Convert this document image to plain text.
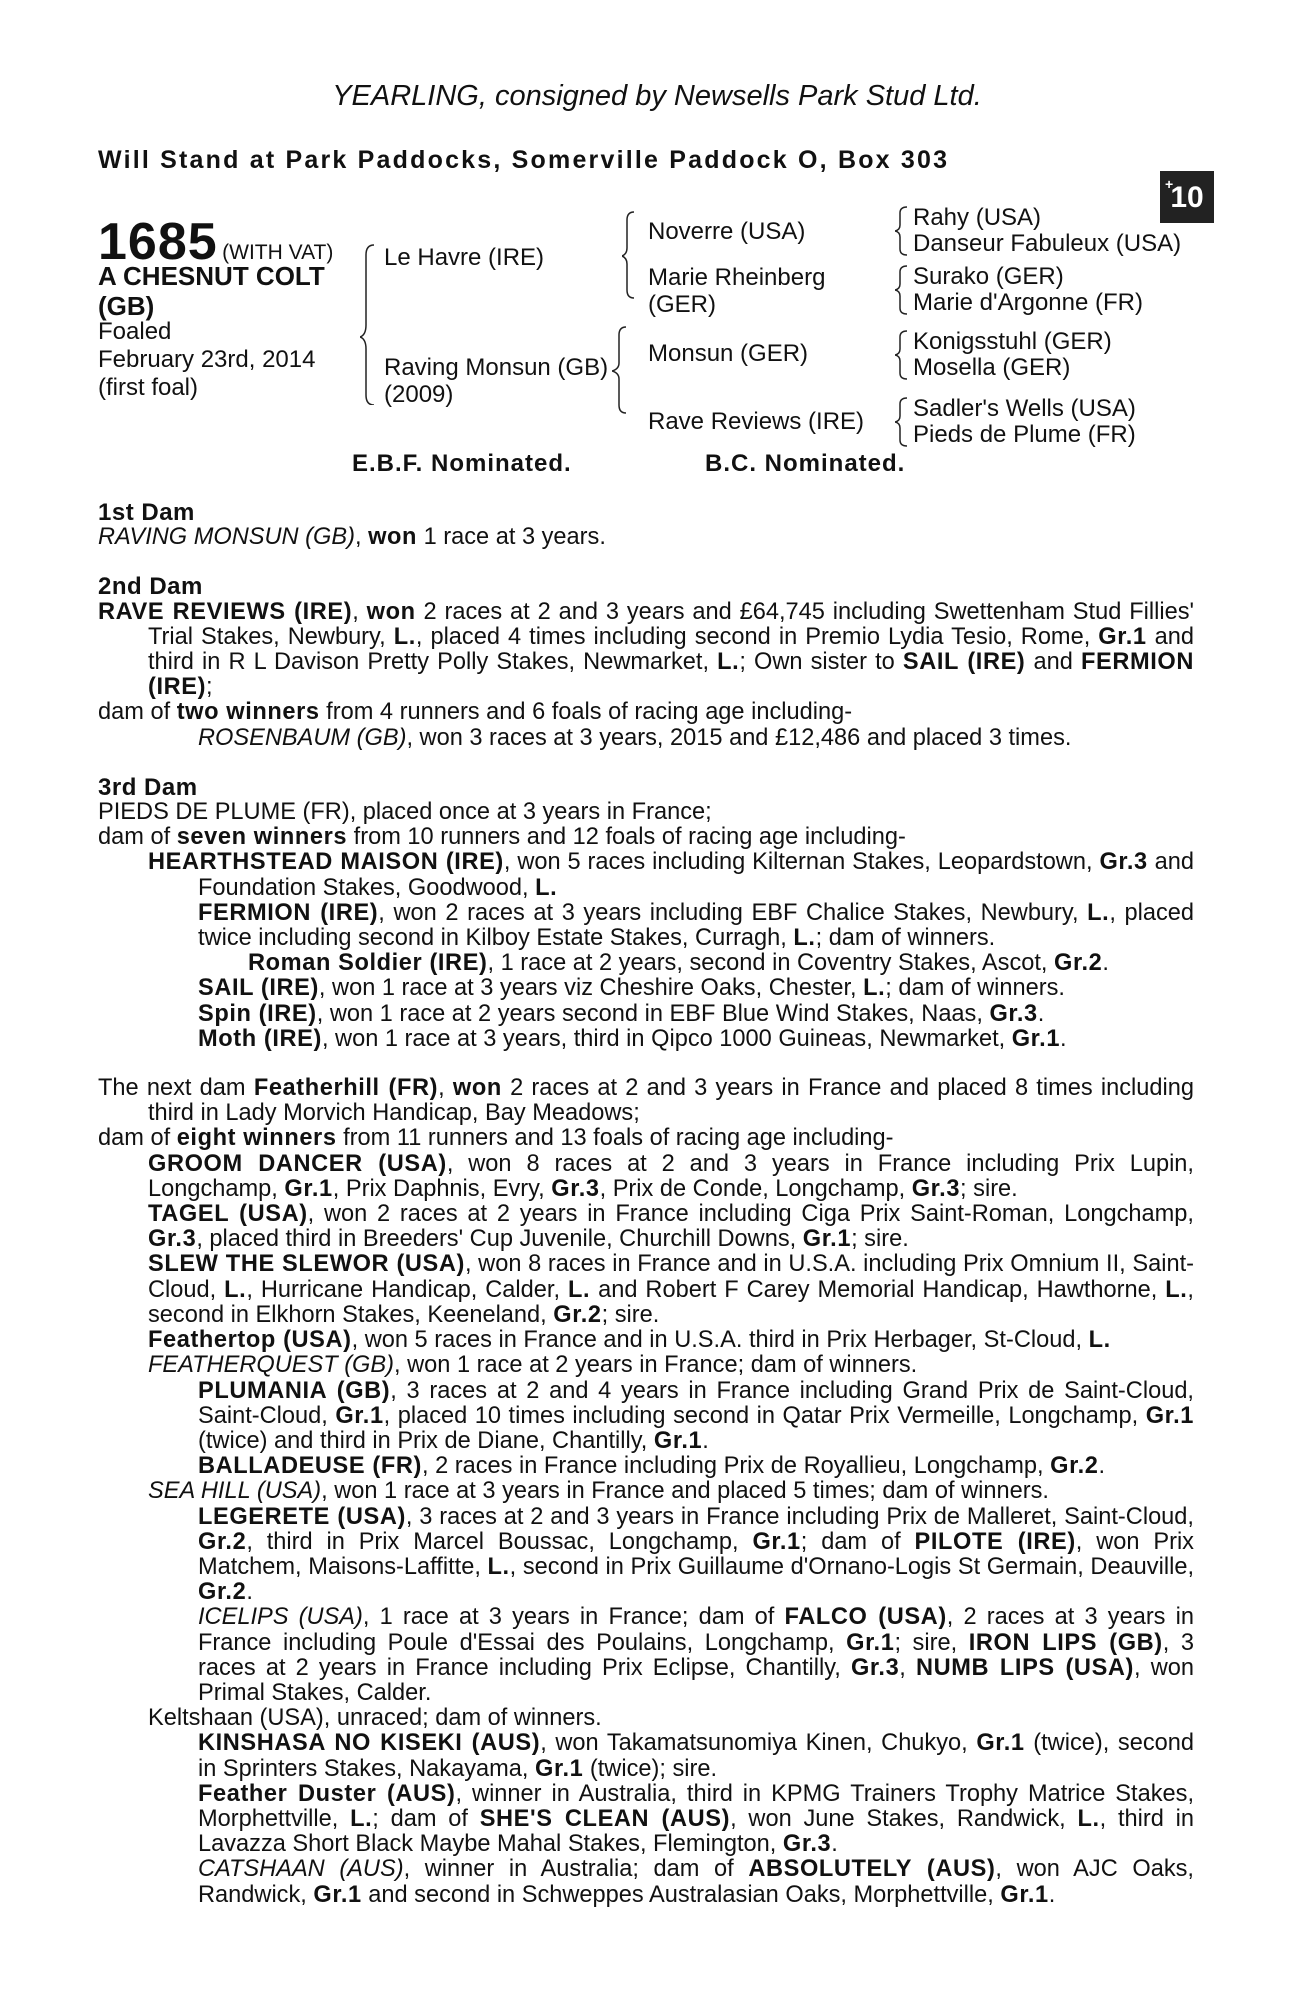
YEARLING, consigned by Newsells Park Stud Ltd.
Will Stand at Park Paddocks, Somerville Paddock O, Box 303
+
10
1685 (WITH VAT)
A CHESNUT COLT
(GB)
Foaled
February 23rd, 2014
(first foal)
Le Havre (IRE)
Raving Monsun (GB)
(2009)
Noverre (USA)
Marie Rheinberg
(GER)
Monsun (GER)
Rave Reviews (IRE)
Rahy (USA)
Danseur Fabuleux (USA)
Surako (GER)
Marie d'Argonne (FR)
Konigsstuhl (GER)
Mosella (GER)
Sadler's Wells (USA)
Pieds de Plume (FR)
E.B.F. Nominated.	B.C. Nominated.
1st Dam
RAVING MONSUN (GB), won 1 race at 3 years.
2nd Dam
RAVE REVIEWS (IRE), won 2 races at 2 and 3 years and £64,745 including Swettenham Stud Fillies' Trial Stakes, Newbury, L., placed 4 times including second in Premio Lydia Tesio, Rome, Gr.1 and third in R L Davison Pretty Polly Stakes, Newmarket, L.; Own sister to SAIL (IRE) and FERMION (IRE);
dam of two winners from 4 runners and 6 foals of racing age including-
ROSENBAUM (GB), won 3 races at 3 years, 2015 and £12,486 and placed 3 times.
3rd Dam
PIEDS DE PLUME (FR), placed once at 3 years in France;
dam of seven winners from 10 runners and 12 foals of racing age including-
HEARTHSTEAD MAISON (IRE), won 5 races including Kilternan Stakes, Leopardstown, Gr.3 and Foundation Stakes, Goodwood, L.
FERMION (IRE), won 2 races at 3 years including EBF Chalice Stakes, Newbury, L., placed twice including second in Kilboy Estate Stakes, Curragh, L.; dam of winners.
Roman Soldier (IRE), 1 race at 2 years, second in Coventry Stakes, Ascot, Gr.2.
SAIL (IRE), won 1 race at 3 years viz Cheshire Oaks, Chester, L.; dam of winners.
Spin (IRE), won 1 race at 2 years second in EBF Blue Wind Stakes, Naas, Gr.3.
Moth (IRE), won 1 race at 3 years, third in Qipco 1000 Guineas, Newmarket, Gr.1.
The next dam Featherhill (FR), won 2 races at 2 and 3 years in France and placed 8 times including third in Lady Morvich Handicap, Bay Meadows;
dam of eight winners from 11 runners and 13 foals of racing age including-
GROOM DANCER (USA), won 8 races at 2 and 3 years in France including Prix Lupin, Longchamp, Gr.1, Prix Daphnis, Evry, Gr.3, Prix de Conde, Longchamp, Gr.3; sire.
TAGEL (USA), won 2 races at 2 years in France including Ciga Prix Saint-Roman, Longchamp, Gr.3, placed third in Breeders' Cup Juvenile, Churchill Downs, Gr.1; sire.
SLEW THE SLEWOR (USA), won 8 races in France and in U.S.A. including Prix Omnium II, Saint-Cloud, L., Hurricane Handicap, Calder, L. and Robert F Carey Memorial Handicap, Hawthorne, L., second in Elkhorn Stakes, Keeneland, Gr.2; sire.
Feathertop (USA), won 5 races in France and in U.S.A. third in Prix Herbager, St-Cloud, L.
FEATHERQUEST (GB), won 1 race at 2 years in France; dam of winners.
PLUMANIA (GB), 3 races at 2 and 4 years in France including Grand Prix de Saint-Cloud, Saint-Cloud, Gr.1, placed 10 times including second in Qatar Prix Vermeille, Longchamp, Gr.1 (twice) and third in Prix de Diane, Chantilly, Gr.1.
BALLADEUSE (FR), 2 races in France including Prix de Royallieu, Longchamp, Gr.2.
SEA HILL (USA), won 1 race at 3 years in France and placed 5 times; dam of winners.
LEGERETE (USA), 3 races at 2 and 3 years in France including Prix de Malleret, Saint-Cloud, Gr.2, third in Prix Marcel Boussac, Longchamp, Gr.1; dam of PILOTE (IRE), won Prix Matchem, Maisons-Laffitte, L., second in Prix Guillaume d'Ornano-Logis St Germain, Deauville, Gr.2.
ICELIPS (USA), 1 race at 3 years in France; dam of FALCO (USA), 2 races at 3 years in France including Poule d'Essai des Poulains, Longchamp, Gr.1; sire, IRON LIPS (GB), 3 races at 2 years in France including Prix Eclipse, Chantilly, Gr.3, NUMB LIPS (USA), won Primal Stakes, Calder.
Keltshaan (USA), unraced; dam of winners.
KINSHASA NO KISEKI (AUS), won Takamatsunomiya Kinen, Chukyo, Gr.1 (twice), second in Sprinters Stakes, Nakayama, Gr.1 (twice); sire.
Feather Duster (AUS), winner in Australia, third in KPMG Trainers Trophy Matrice Stakes, Morphettville, L.; dam of SHE'S CLEAN (AUS), won June Stakes, Randwick, L., third in Lavazza Short Black Maybe Mahal Stakes, Flemington, Gr.3.
CATSHAAN (AUS), winner in Australia; dam of ABSOLUTELY (AUS), won AJC Oaks, Randwick, Gr.1 and second in Schweppes Australasian Oaks, Morphettville, Gr.1.
